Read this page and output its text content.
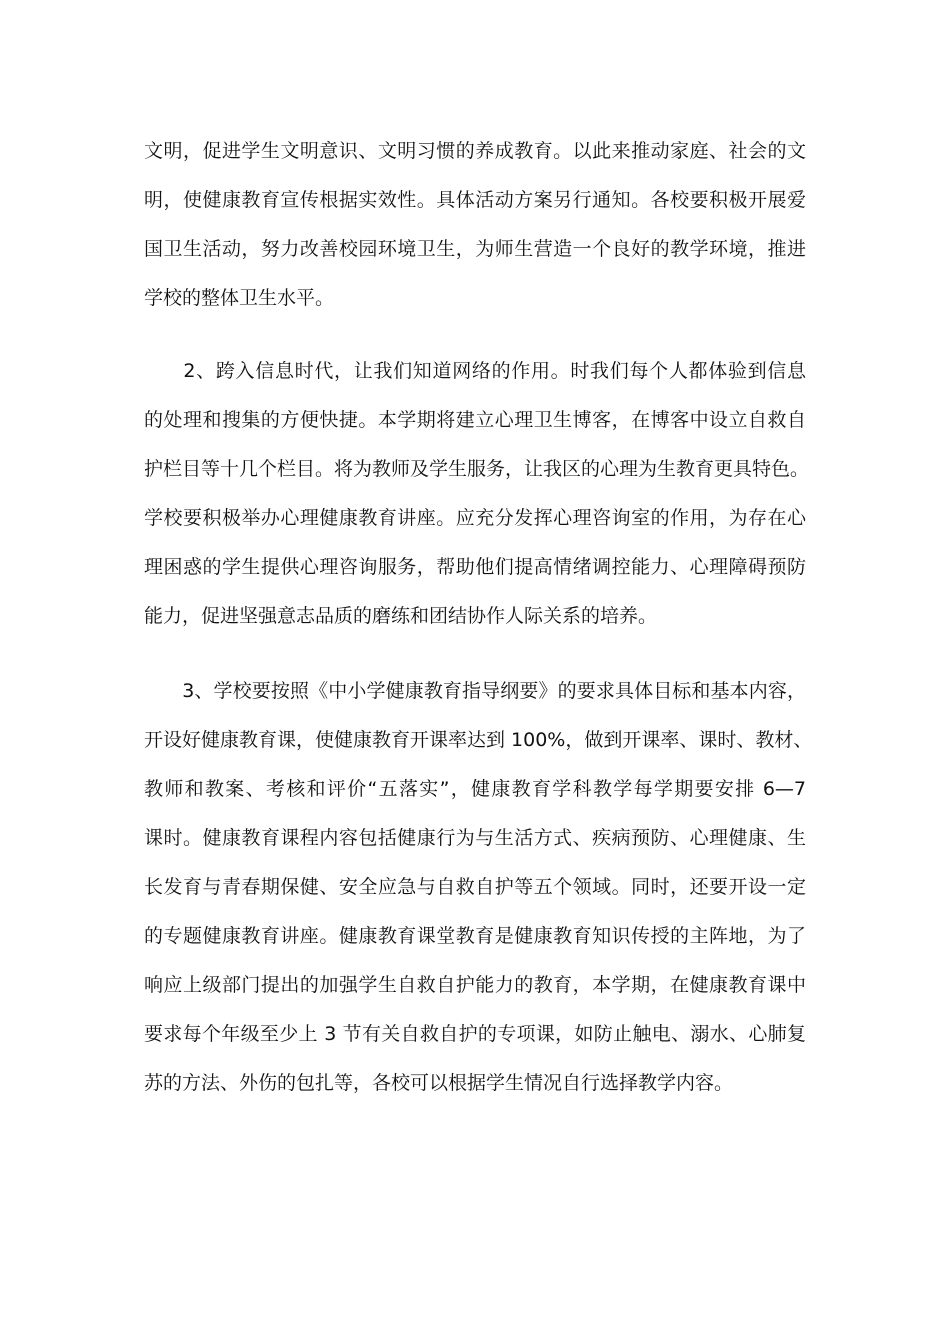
文明，促进学生文明意识、文明习惯的养成教育。以此来推动家庭、社会的文
明，使健康教育宣传根据实效性。具体活动方案另行通知。各校要积极开展爱
国卫生活动，努力改善校园环境卫生，为师生营造一个良好的教学环境，推进
学校的整体卫生水平。
　　2、跨入信息时代，让我们知道网络的作用。时我们每个人都体验到信息
的处理和搜集的方便快捷。本学期将建立心理卫生博客，在博客中设立自救自
护栏目等十几个栏目。将为教师及学生服务，让我区的心理为生教育更具特色。
学校要积极举办心理健康教育讲座。应充分发挥心理咨询室的作用，为存在心
理困惑的学生提供心理咨询服务，帮助他们提高情绪调控能力、心理障碍预防
能力，促进坚强意志品质的磨练和团结协作人际关系的培养。
　　3、学校要按照《中小学健康教育指导纲要》的要求具体目标和基本内容，
开设好健康教育课，使健康教育开课率达到 100%，做到开课率、课时、教材、
教师和教案、考核和评价“五落实”，健康教育学科教学每学期要安排 6—7
课时。健康教育课程内容包括健康行为与生活方式、疾病预防、心理健康、生
长发育与青春期保健、安全应急与自救自护等五个领域。同时，还要开设一定
的专题健康教育讲座。健康教育课堂教育是健康教育知识传授的主阵地，为了
响应上级部门提出的加强学生自救自护能力的教育，本学期，在健康教育课中
要求每个年级至少上 3 节有关自救自护的专项课，如防止触电、溺水、心肺复
苏的方法、外伤的包扎等，各校可以根据学生情况自行选择教学内容。
